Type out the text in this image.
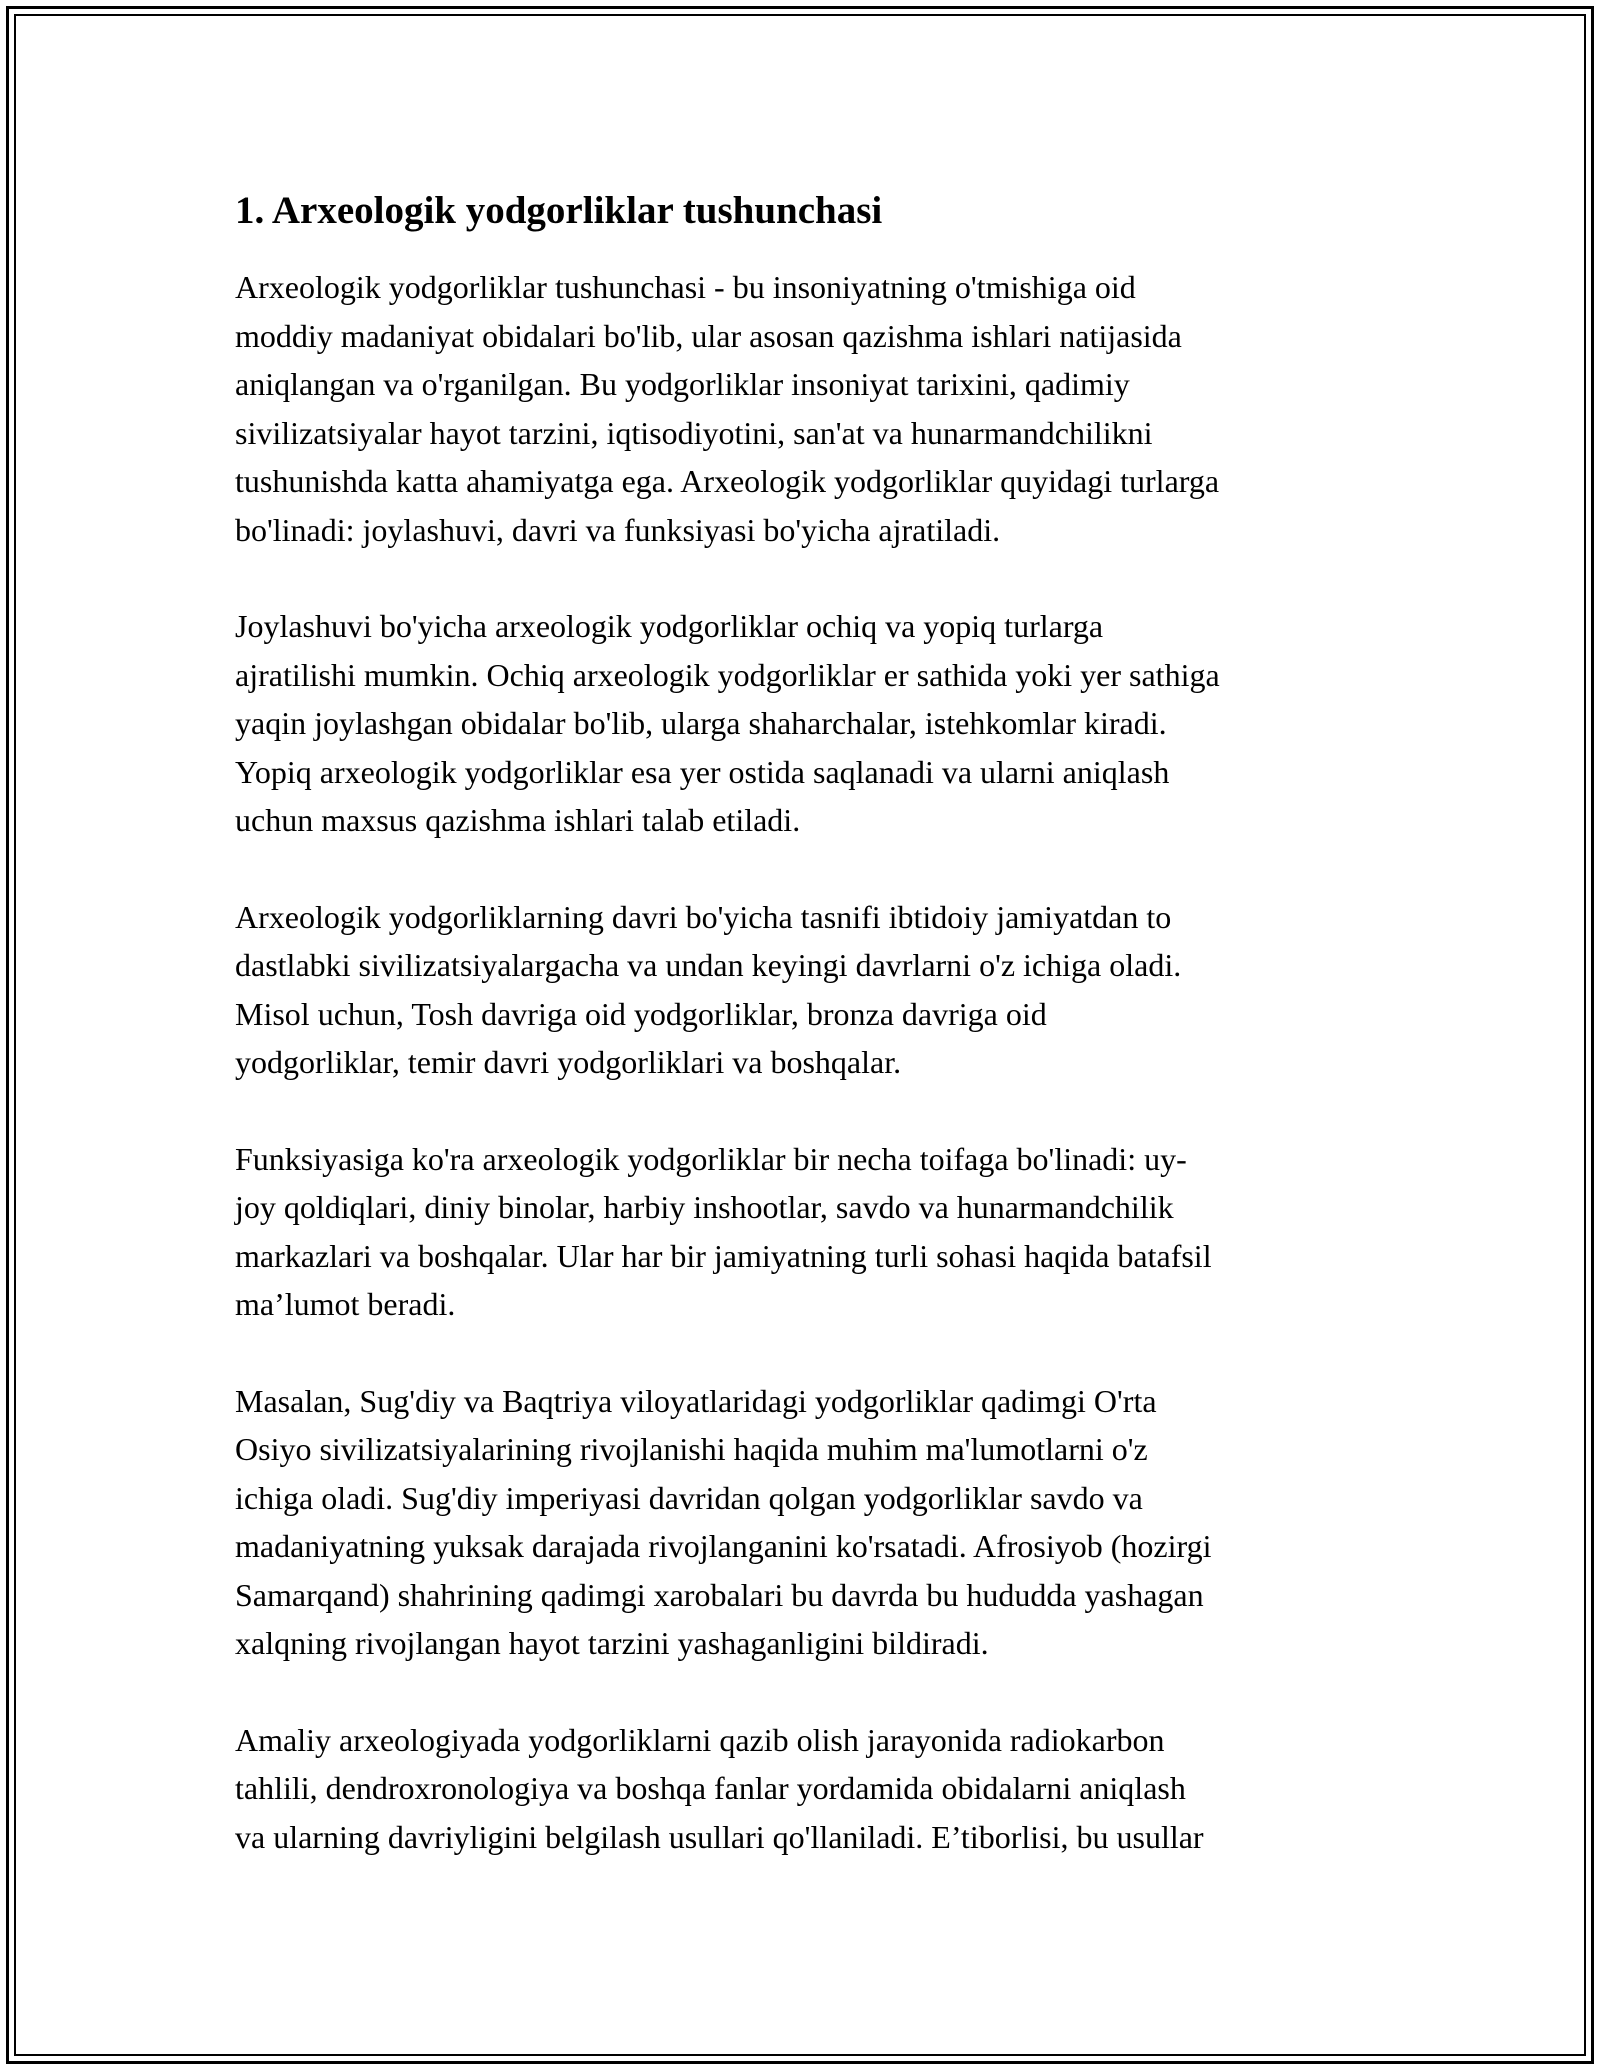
1. Arxeologik yodgorliklar tushunchasi

Arxeologik yodgorliklar tushunchasi - bu insoniyatning o'tmishiga oid
moddiy madaniyat obidalari bo'lib, ular asosan qazishma ishlari natijasida
aniqlangan va o'rganilgan. Bu yodgorliklar insoniyat tarixini, qadimiy
sivilizatsiyalar hayot tarzini, iqtisodiyotini, san'at va hunarmandchilikni
tushunishda katta ahamiyatga ega. Arxeologik yodgorliklar quyidagi turlarga
bo'linadi: joylashuvi, davri va funksiyasi bo'yicha ajratiladi.

Joylashuvi bo'yicha arxeologik yodgorliklar ochiq va yopiq turlarga
ajratilishi mumkin. Ochiq arxeologik yodgorliklar er sathida yoki yer sathiga
yaqin joylashgan obidalar bo'lib, ularga shaharchalar, istehkomlar kiradi.
Yopiq arxeologik yodgorliklar esa yer ostida saqlanadi va ularni aniqlash
uchun maxsus qazishma ishlari talab etiladi.

Arxeologik yodgorliklarning davri bo'yicha tasnifi ibtidoiy jamiyatdan to
dastlabki sivilizatsiyalargacha va undan keyingi davrlarni o'z ichiga oladi.
Misol uchun, Tosh davriga oid yodgorliklar, bronza davriga oid
yodgorliklar, temir davri yodgorliklari va boshqalar.

Funksiyasiga ko'ra arxeologik yodgorliklar bir necha toifaga bo'linadi: uy-
joy qoldiqlari, diniy binolar, harbiy inshootlar, savdo va hunarmandchilik
markazlari va boshqalar. Ular har bir jamiyatning turli sohasi haqida batafsil
ma’lumot beradi.

Masalan, Sug'diy va Baqtriya viloyatlaridagi yodgorliklar qadimgi O'rta
Osiyo sivilizatsiyalarining rivojlanishi haqida muhim ma'lumotlarni o'z
ichiga oladi. Sug'diy imperiyasi davridan qolgan yodgorliklar savdo va
madaniyatning yuksak darajada rivojlanganini ko'rsatadi. Afrosiyob (hozirgi
Samarqand) shahrining qadimgi xarobalari bu davrda bu hududda yashagan
xalqning rivojlangan hayot tarzini yashaganligini bildiradi.

Amaliy arxeologiyada yodgorliklarni qazib olish jarayonida radiokarbon
tahlili, dendroxronologiya va boshqa fanlar yordamida obidalarni aniqlash
va ularning davriyligini belgilash usullari qo'llaniladi. E’tiborlisi, bu usullar
